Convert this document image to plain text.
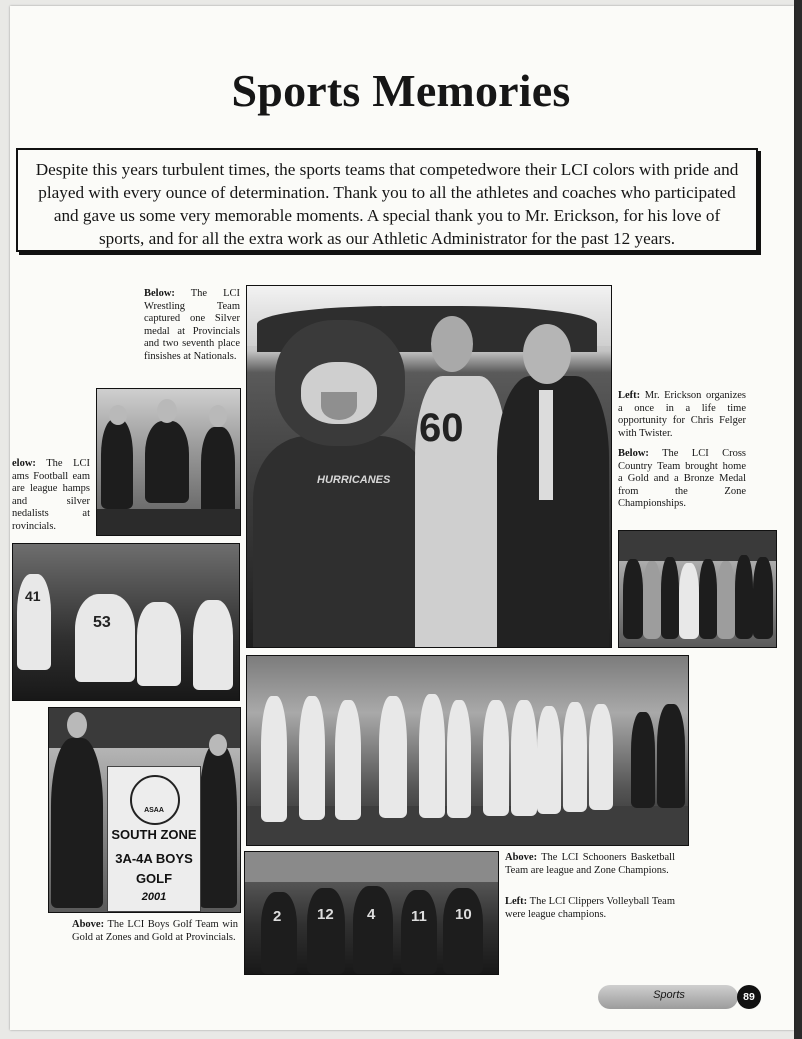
Sports Memories
Despite this years turbulent times, the sports teams that competedwore their LCI colors with pride and played with every ounce of determination. Thank you to all the athletes and coaches who participated and gave us some very memorable moments. A special thank you to Mr. Erickson, for his love of sports, and for all the extra work as our Athletic Administrator for the past 12 years.
Below: The LCI Wrestling Team captured one Silver medal at Provincials and two seventh place finsishes at Nationals.
elow: The LCI ams Football eam are league hamps and silver nedalists at rovincials.
41
53
HURRICANES
60
Left: Mr. Erickson organizes a once in a life time opportunity for Chris Felger with Twister.
Below: The LCI Cross Country Team brought home a Gold and a Bronze Medal from the Zone Championships.
ASAA
SOUTH ZONE
3A-4A BOYS
GOLF
2001
Above: The LCI Boys Golf Team win Gold at Zones and Gold at Provincials.
2 12 4 11 10
Above: The LCI Schooners Basketball Team are league and Zone Champions.
Left: The LCI Clippers Volleyball Team were league champions.
Sports	89
